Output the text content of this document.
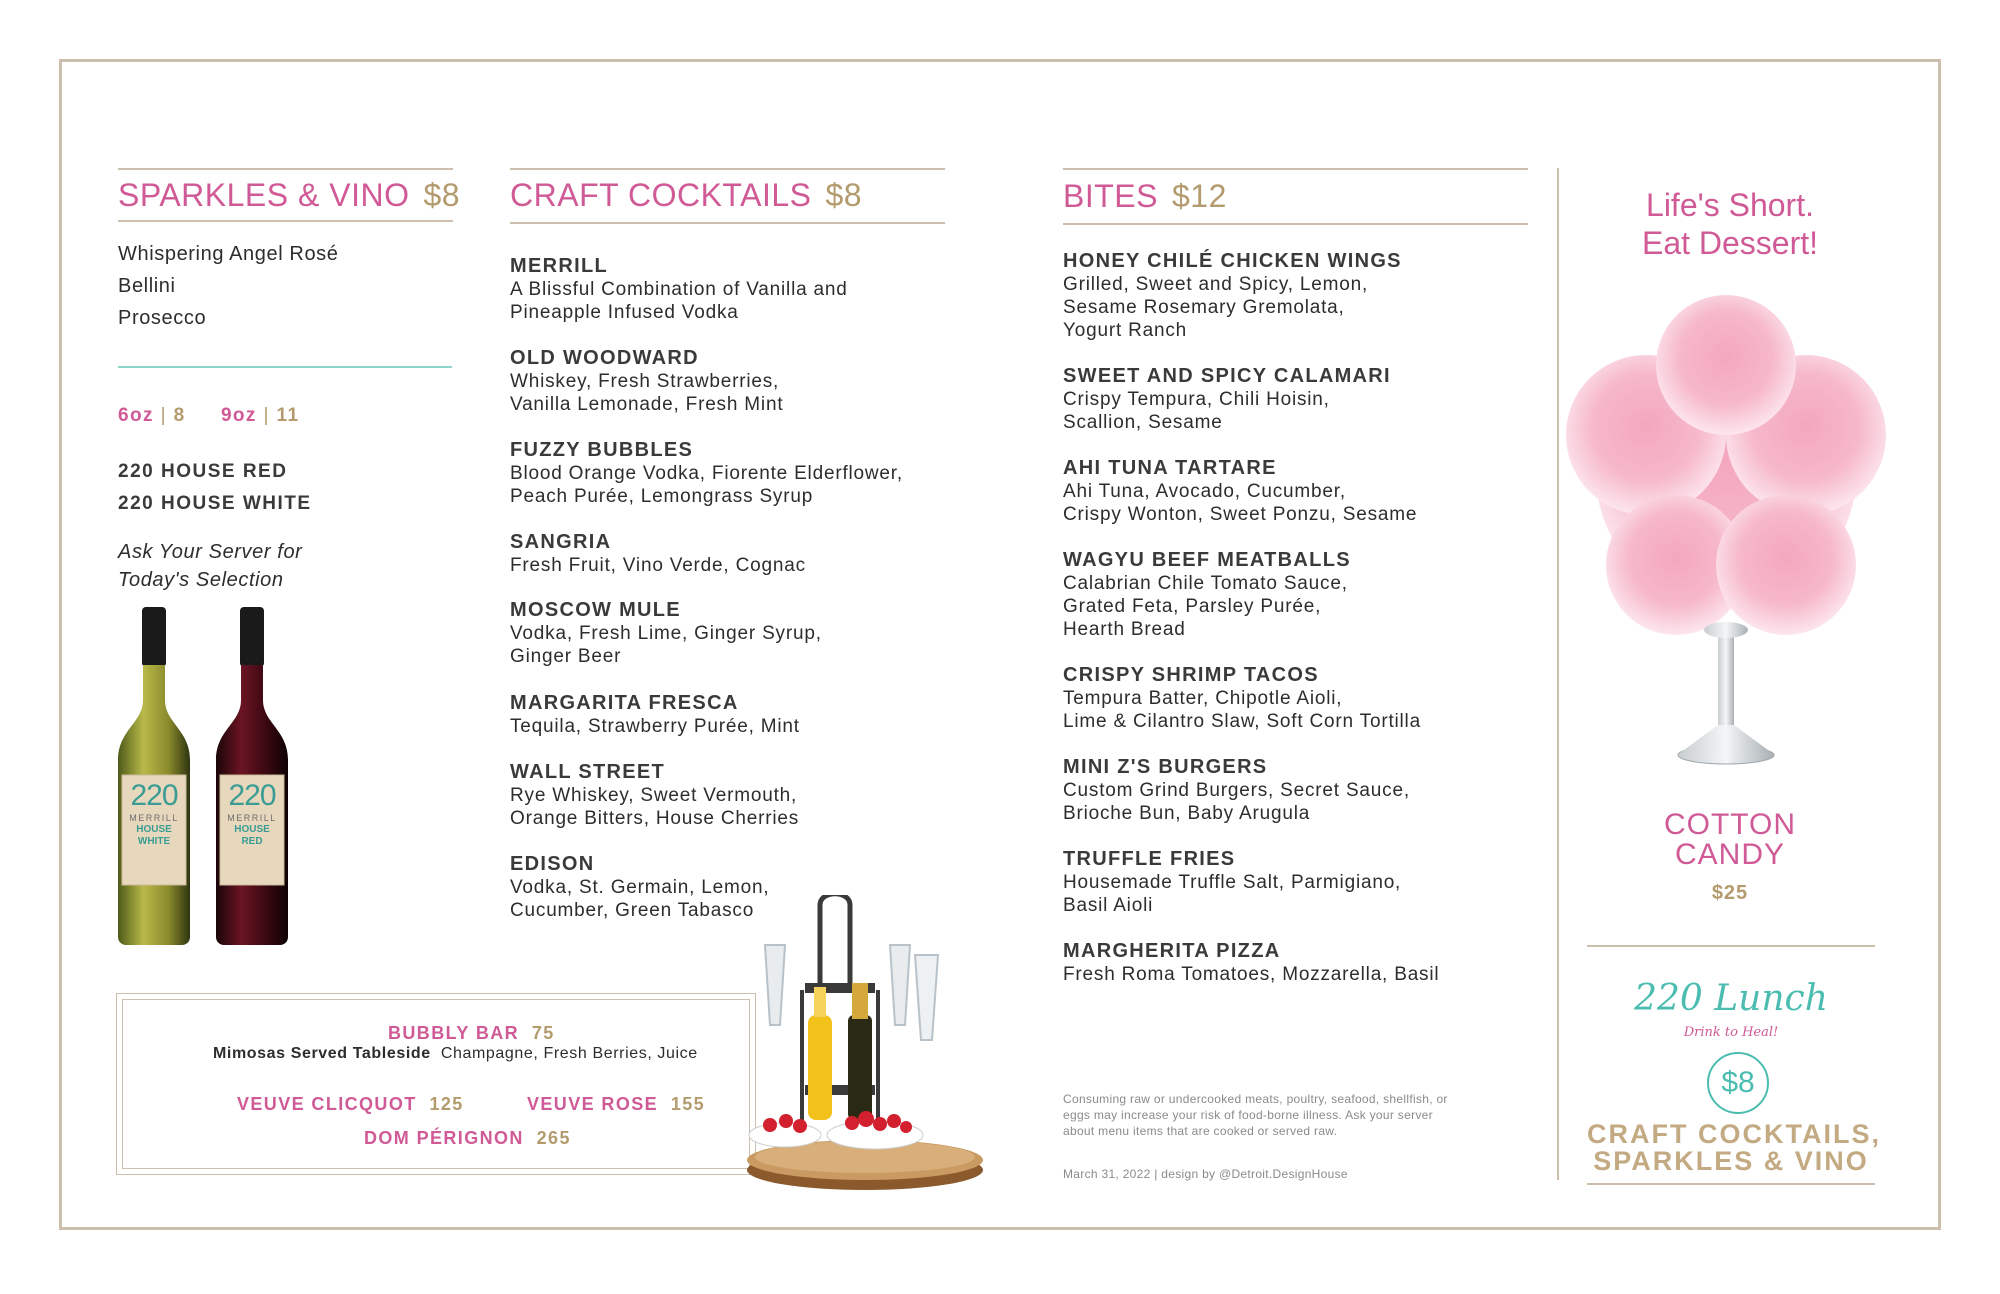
SPARKLES & VINO $8
Whispering Angel Rosé
Bellini
Prosecco
6oz | 8 9oz | 11
220 HOUSE RED
220 HOUSE WHITE
Ask Your Server for
Today's Selection
220
MERRILL
HOUSE
WHITE
220
MERRILL
HOUSE
RED
CRAFT COCKTAILS $8
MERRILL
A Blissful Combination of Vanilla and
Pineapple Infused Vodka
OLD WOODWARD
Whiskey, Fresh Strawberries,
Vanilla Lemonade, Fresh Mint
FUZZY BUBBLES
Blood Orange Vodka, Fiorente Elderflower,
Peach Purée, Lemongrass Syrup
SANGRIA
Fresh Fruit, Vino Verde, Cognac
MOSCOW MULE
Vodka, Fresh Lime, Ginger Syrup,
Ginger Beer
MARGARITA FRESCA
Tequila, Strawberry Purée, Mint
WALL STREET
Rye Whiskey, Sweet Vermouth,
Orange Bitters, House Cherries
EDISON
Vodka, St. Germain, Lemon,
Cucumber, Green Tabasco
BUBBLY BAR 75
Mimosas Served Tableside Champagne, Fresh Berries, Juice
VEUVE CLICQUOT 125	VEUVE ROSE 155
DOM PÉRIGNON 265
BITES $12
HONEY CHILÉ CHICKEN WINGS
Grilled, Sweet and Spicy, Lemon,
Sesame Rosemary Gremolata,
Yogurt Ranch
SWEET AND SPICY CALAMARI
Crispy Tempura, Chili Hoisin,
Scallion, Sesame
AHI TUNA TARTARE
Ahi Tuna, Avocado, Cucumber,
Crispy Wonton, Sweet Ponzu, Sesame
WAGYU BEEF MEATBALLS
Calabrian Chile Tomato Sauce,
Grated Feta, Parsley Purée,
Hearth Bread
CRISPY SHRIMP TACOS
Tempura Batter, Chipotle Aioli,
Lime & Cilantro Slaw, Soft Corn Tortilla
MINI Z'S BURGERS
Custom Grind Burgers, Secret Sauce,
Brioche Bun, Baby Arugula
TRUFFLE FRIES
Housemade Truffle Salt, Parmigiano,
Basil Aioli
MARGHERITA PIZZA
Fresh Roma Tomatoes, Mozzarella, Basil
Consuming raw or undercooked meats, poultry, seafood, shellfish, or
eggs may increase your risk of food-borne illness. Ask your server
about menu items that are cooked or served raw.
March 31, 2022 | design by @Detroit.DesignHouse
Life's Short.
Eat Dessert!
COTTON
CANDY
$25
220 Lunch
Drink to Heal!
$8
CRAFT COCKTAILS,
SPARKLES & VINO
